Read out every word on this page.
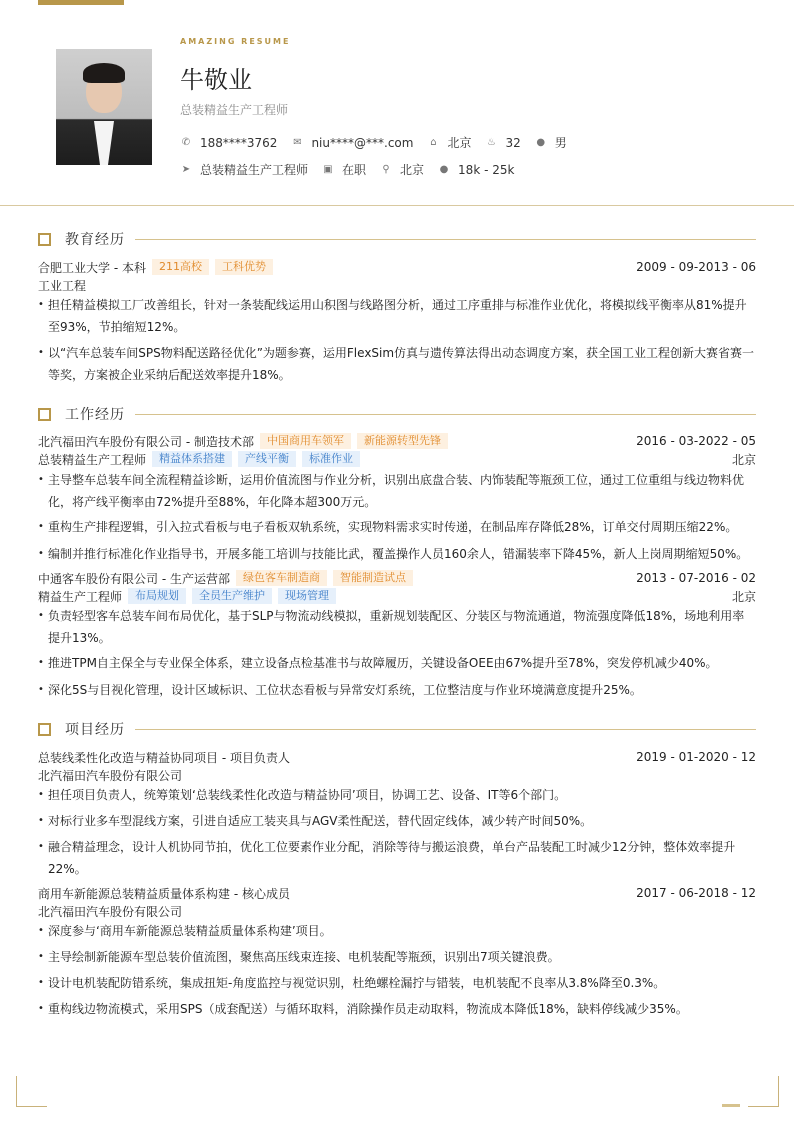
AMAZING RESUME
牛敬业
总装精益生产工程师
✆ 188****3762 ✉ niu****@***.com ⌂ 北京 ♨ 32 ● 男
➤ 总装精益生产工程师 ▣ 在职 ⚲ 北京 ● 18k - 25k
教育经历
合肥工业大学 - 本科	211高校	工科优势	2009 - 09-2013 - 06
工业工程
• 担任精益模拟工厂改善组长，针对一条装配线运用山积图与线路图分析，通过工序重排与标准作业优化，将模拟线平衡率从81%提升至93%，节拍缩短12%。
• 以“汽车总装车间SPS物料配送路径优化”为题参赛，运用FlexSim仿真与遗传算法得出动态调度方案，获全国工业工程创新大赛省赛一等奖，方案被企业采纳后配送效率提升18%。
工作经历
北汽福田汽车股份有限公司 - 制造技术部	中国商用车领军	新能源转型先锋	2016 - 03-2022 - 05
总装精益生产工程师	精益体系搭建	产线平衡	标准作业	北京
• 主导整车总装车间全流程精益诊断，运用价值流图与作业分析，识别出底盘合装、内饰装配等瓶颈工位，通过工位重组与线边物料优化，将产线平衡率由72%提升至88%，年化降本超300万元。
• 重构生产排程逻辑，引入拉式看板与电子看板双轨系统，实现物料需求实时传递，在制品库存降低28%，订单交付周期压缩22%。
• 编制并推行标准化作业指导书，开展多能工培训与技能比武，覆盖操作人员160余人，错漏装率下降45%，新人上岗周期缩短50%。
中通客车股份有限公司 - 生产运营部	绿色客车制造商	智能制造试点	2013 - 07-2016 - 02
精益生产工程师	布局规划	全员生产维护	现场管理	北京
• 负责轻型客车总装车间布局优化，基于SLP与物流动线模拟，重新规划装配区、分装区与物流通道，物流强度降低18%，场地利用率提升13%。
• 推进TPM自主保全与专业保全体系，建立设备点检基准书与故障履历，关键设备OEE由67%提升至78%，突发停机减少40%。
• 深化5S与目视化管理，设计区域标识、工位状态看板与异常安灯系统，工位整洁度与作业环境满意度提升25%。
项目经历
总装线柔性化改造与精益协同项目 - 项目负责人	2019 - 01-2020 - 12
北汽福田汽车股份有限公司
• 担任项目负责人，统筹策划‘总装线柔性化改造与精益协同’项目，协调工艺、设备、IT等6个部门。
• 对标行业多车型混线方案，引进自适应工装夹具与AGV柔性配送，替代固定线体，减少转产时间50%。
• 融合精益理念，设计人机协同节拍，优化工位要素作业分配，消除等待与搬运浪费，单台产品装配工时减少12分钟，整体效率提升22%。
商用车新能源总装精益质量体系构建 - 核心成员	2017 - 06-2018 - 12
北汽福田汽车股份有限公司
• 深度参与‘商用车新能源总装精益质量体系构建’项目。
• 主导绘制新能源车型总装价值流图，聚焦高压线束连接、电机装配等瓶颈，识别出7项关键浪费。
• 设计电机装配防错系统，集成扭矩-角度监控与视觉识别，杜绝螺栓漏拧与错装，电机装配不良率从3.8%降至0.3%。
• 重构线边物流模式，采用SPS（成套配送）与循环取料，消除操作员走动取料，物流成本降低18%，缺料停线减少35%。
